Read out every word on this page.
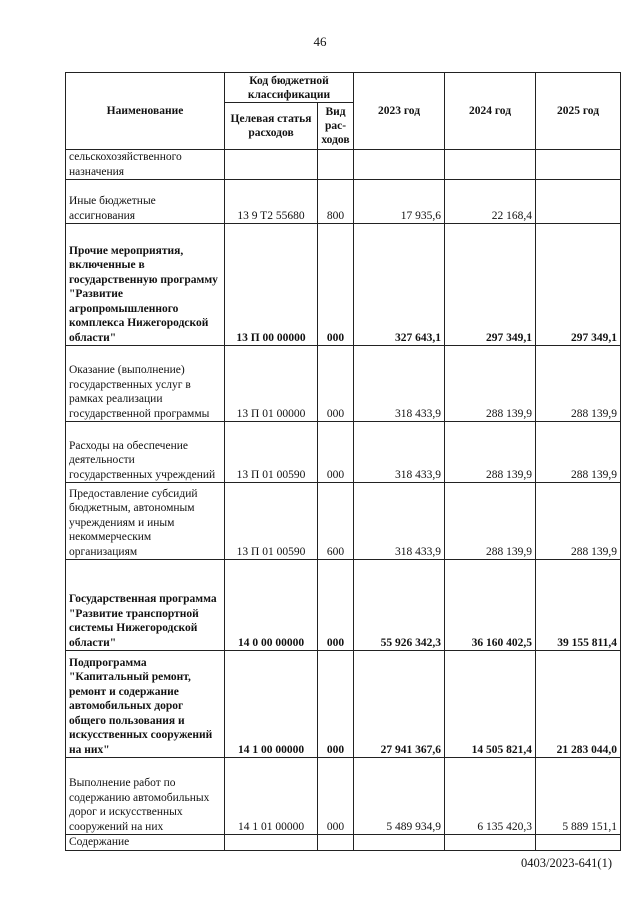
46
Наименование	Код бюджетной классификации		2023 год	2024 год	2025 год
	Целевая статья расходов	Вид рас-ходов			
сельскохозяйственного назначения					
Иные бюджетные ассигнования	13 9 T2 55680	800	17 935,6	22 168,4	
Прочие мероприятия, включенные в государственную программу "Развитие агропромышленного комплекса Нижегородской области"	13 П 00 00000	000	327 643,1	297 349,1	297 349,1
Оказание (выполнение) государственных услуг в рамках реализации государственной программы	13 П 01 00000	000	318 433,9	288 139,9	288 139,9
Расходы на обеспечение деятельности государственных учреждений	13 П 01 00590	000	318 433,9	288 139,9	288 139,9
Предоставление субсидий бюджетным, автономным учреждениям и иным некоммерческим организациям	13 П 01 00590	600	318 433,9	288 139,9	288 139,9
Государственная программа "Развитие транспортной системы Нижегородской области"	14 0 00 00000	000	55 926 342,3	36 160 402,5	39 155 811,4
Подпрограмма "Капитальный ремонт, ремонт и содержание автомобильных дорог общего пользования и искусственных сооружений на них"	14 1 00 00000	000	27 941 367,6	14 505 821,4	21 283 044,0
Выполнение работ по содержанию автомобильных дорог и искусственных сооружений на них	14 1 01 00000	000	5 489 934,9	6 135 420,3	5 889 151,1
Содержание					
0403/2023-641(1)
